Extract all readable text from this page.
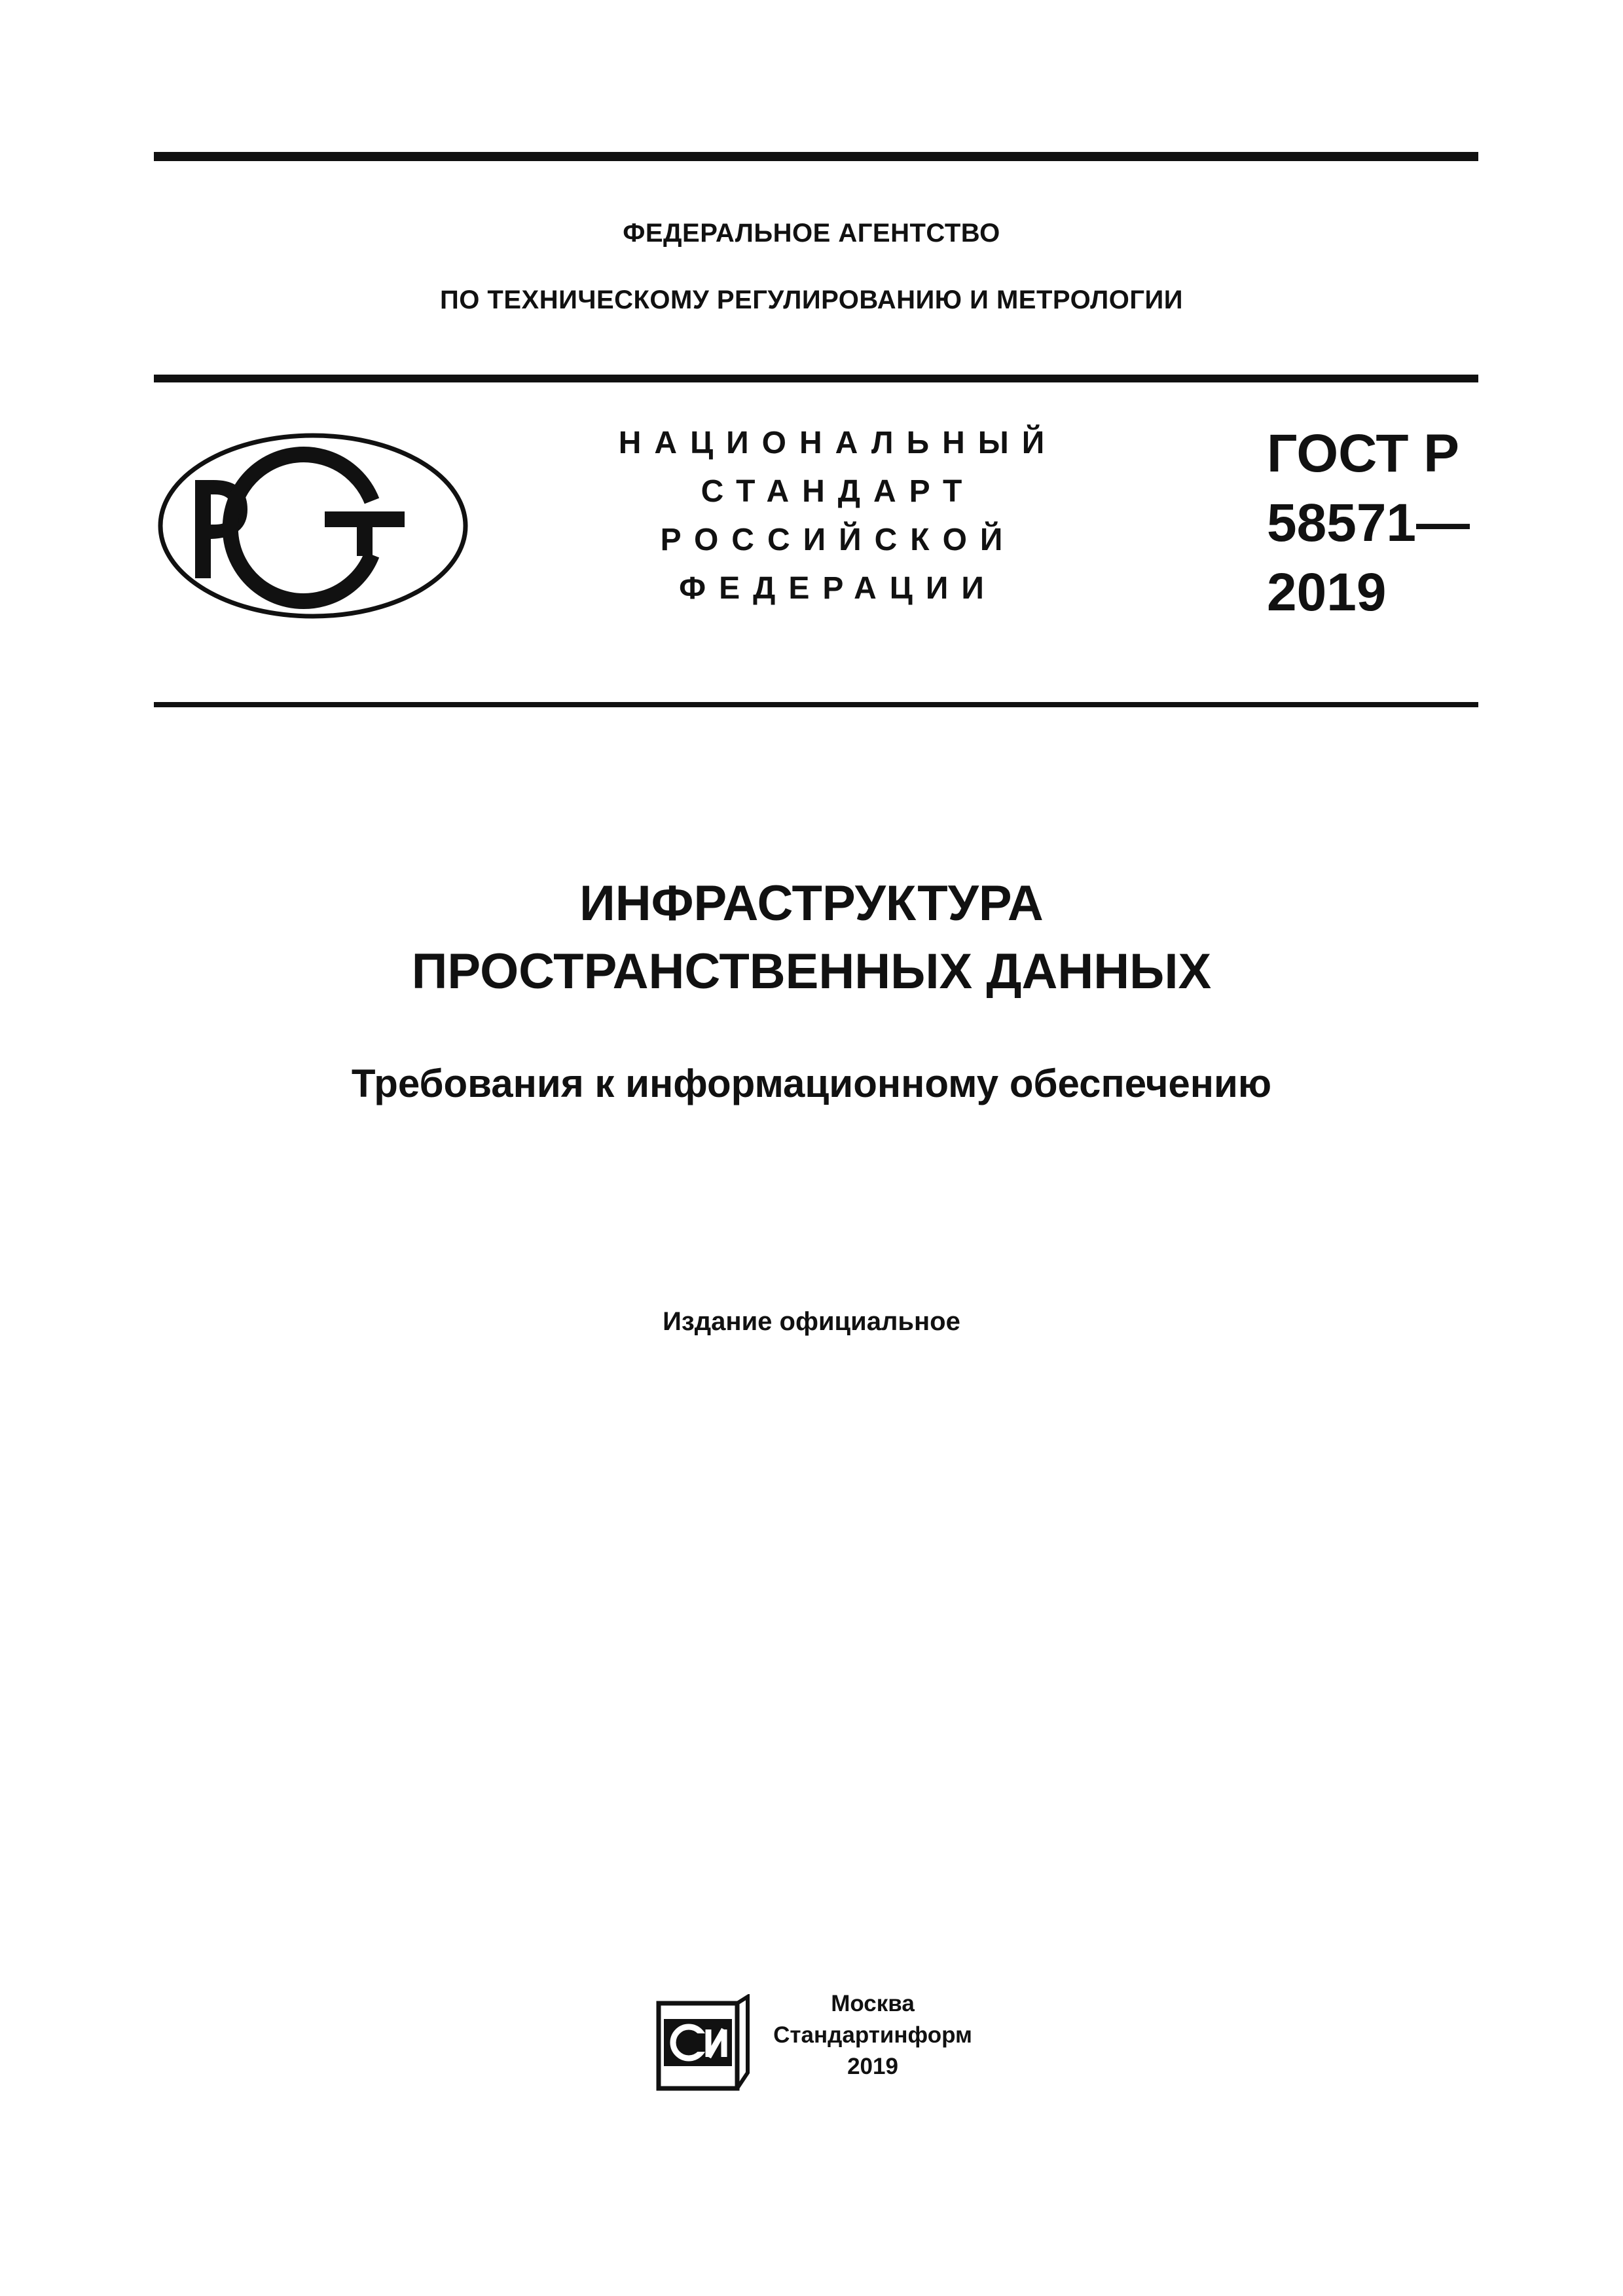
ФЕДЕРАЛЬНОЕ АГЕНТСТВО
ПО ТЕХНИЧЕСКОМУ РЕГУЛИРОВАНИЮ И МЕТРОЛОГИИ
НАЦИОНАЛЬНЫЙ
СТАНДАРТ
РОССИЙСКОЙ
ФЕДЕРАЦИИ
ГОСТ Р
58571—
2019
ИНФРАСТРУКТУРА
ПРОСТРАНСТВЕННЫХ ДАННЫХ
Требования к информационному обеспечению
Издание официальное
Москва
Стандартинформ
2019
